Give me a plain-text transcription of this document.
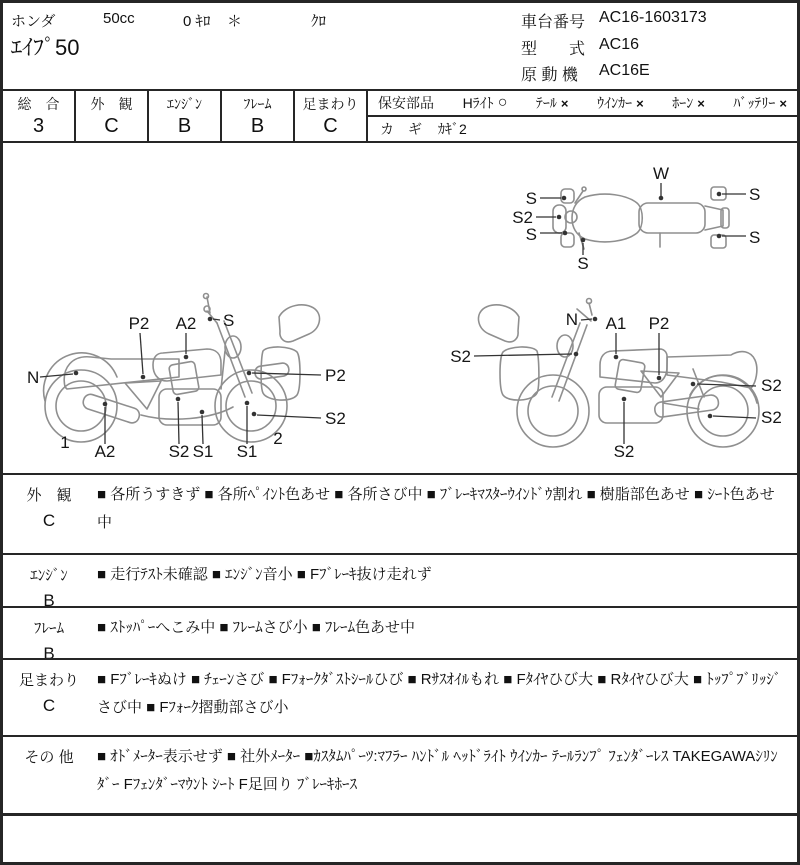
ホンダ	50cc	0 ｷﾛ ＊	ｸﾛ
ｴｲﾌﾟ50
車台番号 AC16-1603173
型　　式 AC16
原 動 機 AC16E
総　合
3
外　観
C
ｴﾝｼﾞﾝ
B
ﾌﾚｰﾑ
B
足まわり
C
保安部品 Hﾗｲﾄ ○ ﾃｰﾙ × ｳｲﾝｶｰ × ﾎｰﾝ × ﾊﾞｯﾃﾘｰ ×
カ　ギ ｶｷﾞ2
W
S
S2
S
S
S
S
N
P2 A2 S
P2
S2
1 A2	S2 S1 S1
2
S2
N A1 P2
S2
S2
S2
外　観
C
■ 各所うすきず ■ 各所ﾍﾟｲﾝﾄ色あせ ■ 各所さび中 ■ ﾌﾞﾚｰｷﾏｽﾀｰｳｲﾝﾄﾞｳ割れ ■ 樹脂部色あせ ■ ｼｰﾄ色あせ中
ｴﾝｼﾞﾝ
B
■ 走行ﾃｽﾄ未確認 ■ ｴﾝｼﾞﾝ音小 ■ Fﾌﾞﾚｰｷ抜け走れず
ﾌﾚｰﾑ
B
■ ｽﾄｯﾊﾟｰへこみ中 ■ ﾌﾚｰﾑさび小 ■ ﾌﾚｰﾑ色あせ中
足まわり
C
■ Fﾌﾞﾚｰｷぬけ ■ ﾁｪｰﾝさび ■ Fﾌｫｰｸﾀﾞｽﾄｼｰﾙひび ■ Rｻｽｵｲﾙもれ ■ Fﾀｲﾔひび大 ■ Rﾀｲﾔひび大 ■ ﾄｯﾌﾟﾌﾞﾘｯｼﾞさび中 ■ Fﾌｫｰｸ摺動部さび小
その 他	■ ｵﾄﾞﾒｰﾀｰ表示せず ■ 社外ﾒｰﾀｰ ■ｶｽﾀﾑﾊﾟｰﾂ:ﾏﾌﾗｰ ﾊﾝﾄﾞﾙ ﾍｯﾄﾞﾗｲﾄ ｳｲﾝｶｰ ﾃｰﾙﾗﾝﾌﾟ ﾌｪﾝﾀﾞｰﾚｽ TAKEGAWAｼﾘﾝﾀﾞｰ Fﾌｪﾝﾀﾞｰﾏｳﾝﾄ ｼｰﾄ F足回り ﾌﾞﾚｰｷﾎｰｽ
